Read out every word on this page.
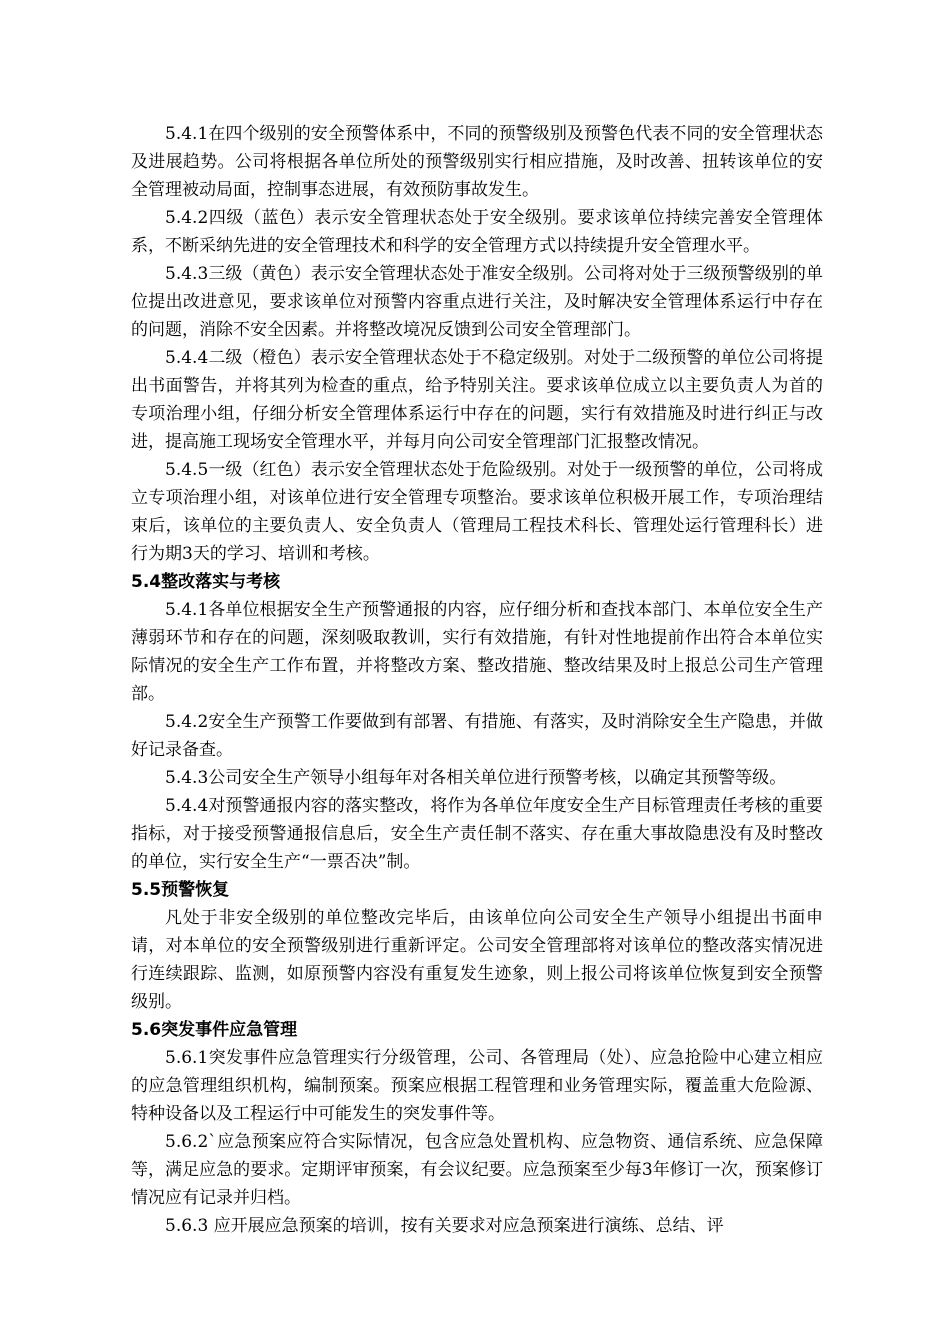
5.4.1在四个级别的安全预警体系中，不同的预警级别及预警色代表不同的安全管理状态及进展趋势。公司将根据各单位所处的预警级别实行相应措施，及时改善、扭转该单位的安全管理被动局面，控制事态进展，有效预防事故发生。

5.4.2四级（蓝色）表示安全管理状态处于安全级别。要求该单位持续完善安全管理体系，不断采纳先进的安全管理技术和科学的安全管理方式以持续提升安全管理水平。

5.4.3三级（黄色）表示安全管理状态处于准安全级别。公司将对处于三级预警级别的单位提出改进意见，要求该单位对预警内容重点进行关注，及时解决安全管理体系运行中存在的问题，消除不安全因素。并将整改境况反馈到公司安全管理部门。

5.4.4二级（橙色）表示安全管理状态处于不稳定级别。对处于二级预警的单位公司将提出书面警告，并将其列为检查的重点，给予特别关注。要求该单位成立以主要负责人为首的专项治理小组，仔细分析安全管理体系运行中存在的问题，实行有效措施及时进行纠正与改进，提高施工现场安全管理水平，并每月向公司安全管理部门汇报整改情况。

5.4.5一级（红色）表示安全管理状态处于危险级别。对处于一级预警的单位，公司将成立专项治理小组，对该单位进行安全管理专项整治。要求该单位积极开展工作，专项治理结束后，该单位的主要负责人、安全负责人（管理局工程技术科长、管理处运行管理科长）进行为期3天的学习、培训和考核。

5.4整改落实与考核

5.4.1各单位根据安全生产预警通报的内容，应仔细分析和查找本部门、本单位安全生产薄弱环节和存在的问题，深刻吸取教训，实行有效措施，有针对性地提前作出符合本单位实际情况的安全生产工作布置，并将整改方案、整改措施、整改结果及时上报总公司生产管理部。

5.4.2安全生产预警工作要做到有部署、有措施、有落实，及时消除安全生产隐患，并做好记录备查。

5.4.3公司安全生产领导小组每年对各相关单位进行预警考核，以确定其预警等级。

5.4.4对预警通报内容的落实整改，将作为各单位年度安全生产目标管理责任考核的重要指标，对于接受预警通报信息后，安全生产责任制不落实、存在重大事故隐患没有及时整改的单位，实行安全生产“一票否决”制。

5.5预警恢复

凡处于非安全级别的单位整改完毕后，由该单位向公司安全生产领导小组提出书面申请，对本单位的安全预警级别进行重新评定。公司安全管理部将对该单位的整改落实情况进行连续跟踪、监测，如原预警内容没有重复发生迹象，则上报公司将该单位恢复到安全预警级别。

5.6突发事件应急管理

5.6.1突发事件应急管理实行分级管理，公司、各管理局（处）、应急抢险中心建立相应的应急管理组织机构，编制预案。预案应根据工程管理和业务管理实际，覆盖重大危险源、特种设备以及工程运行中可能发生的突发事件等。

5.6.2`应急预案应符合实际情况，包含应急处置机构、应急物资、通信系统、应急保障等，满足应急的要求。定期评审预案，有会议纪要。应急预案至少每3年修订一次，预案修订情况应有记录并归档。

5.6.3 应开展应急预案的培训，按有关要求对应急预案进行演练、总结、评
